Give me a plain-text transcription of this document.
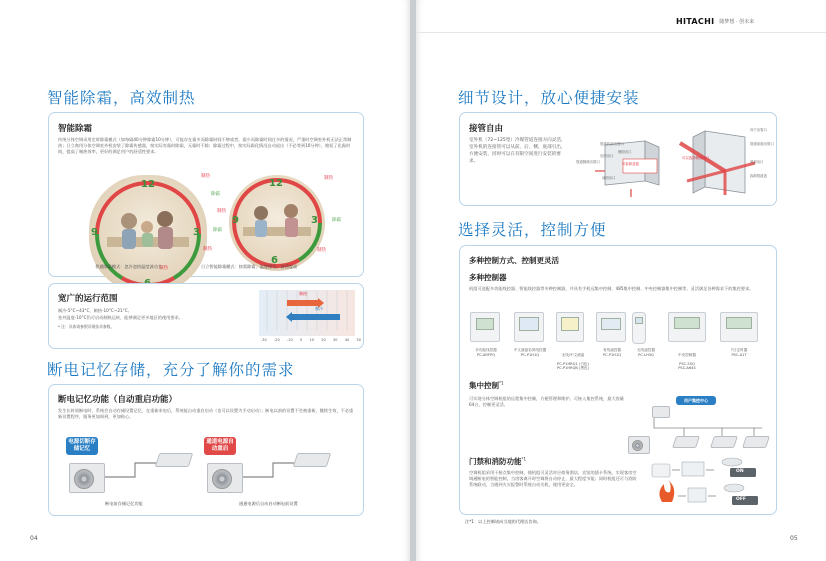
智能除霜，高效制热
智能除霜
传统分体空调采用定时除霜模式（如每隔40分钟除霜10分钟），可能存在霜多而除霜时间不够或者，霜少而除霜时间过多的情况，严重时空调室外机无法正常制热；日立商用分体空调室外机安装了除霜传感器，按实际有霜时除霜，无霜时不除；除霜过程中，按实际霜化情况自动退出（不必等到10分钟），缩短了化霜时间，提高了制热效率，更好的满足用户的舒适性要求。
12
3
9
制热
除霜
制热
除霜
制热
制热
12
3
6
9
制热
除霜
制热
普通除霜模式：忽冷忽热温度波动大	日立智能除霜模式：按需除霜，温度稳定，舒适度高
宽广的运行范围
制冷-5°C~43°C，制热-10°C~21°C。
室外温度-10°C仍可启动制热运转，能够满足更多地区的使用要求。
* 注：具体请参照详细技术参数。
制热
制冷
-30 -20 -10 0 10 20 30 40 50
断电记忆存储，充分了解你的需求
断电记忆功能（自动重启功能）
发生长时间断电时，系统会自动存储设置记忆，在重新来电后，系统能自动重启启动（也可以设置为手动启动）；断电以前的设置不会被重新，继续生效，不必重新设置程序，服务更加周到，更加贴心。
电源切断存储记忆
断电前存储记忆功能
通道电源自动重启
通通电源后自动启动断电前设置
04
HITACHI 随梦想 · 创未来
细节设计，放心便捷安装
接管自由
室外机（72~125型）冷媒管道连接方向灵活，室外机的连接管可以从前、后、侧、底部引出，方便安装，同时可以在有限空间进行安装的要求。	管道侧面出管口
后面出口
可拆卸盖板
前面出口
侧面出口
管道后部出管口
可以选择侧面出口
向下出管口
管道前面出管口
底部出口
拆卸管道盖
选择灵活，控制方便
多种控制方式、控制更灵活
多种控制器
机组可选配多功能线控器、智能线控器等多种控制器，并具有手机远集中控制、485集中控制、中央控制器集中控制等，灵活满足各种需求下的集控要求。
多功能线控器
PC-ARFPQ
中文液晶彩屏线控器
PC-P1H1Q	无线/中文液晶

PC-P1HRQ1 (白色)
PC-P1HRQB (黑色)

有线遥控器
PC-P1H1Q
无线遥控器
PC-LH3Q	中央控制器

PSC-5SQ
PSC-A64S

7日定时器
PSC-A1T
集中控制$^{*1}$
可实现分体空调机组的远程集中控制，方便管理和维护。可接入集控系统，最大容量64台，控制更灵活。
用户集控中心
门禁和消防功能$^{*1}$
空调机组采用干接点集中控制，使机组可灵活对应商务酒店、宾馆的插卡系统，实现客房空调通断电的智能控制，当房客离开时空调将自动停止，最大程度节能；同时机组还可与消防系统联动，当遇到火灾报警时系统自动关机，使用更安全。
ON
OFF
注*1：以上控制请向当地的代理店咨询。
05
